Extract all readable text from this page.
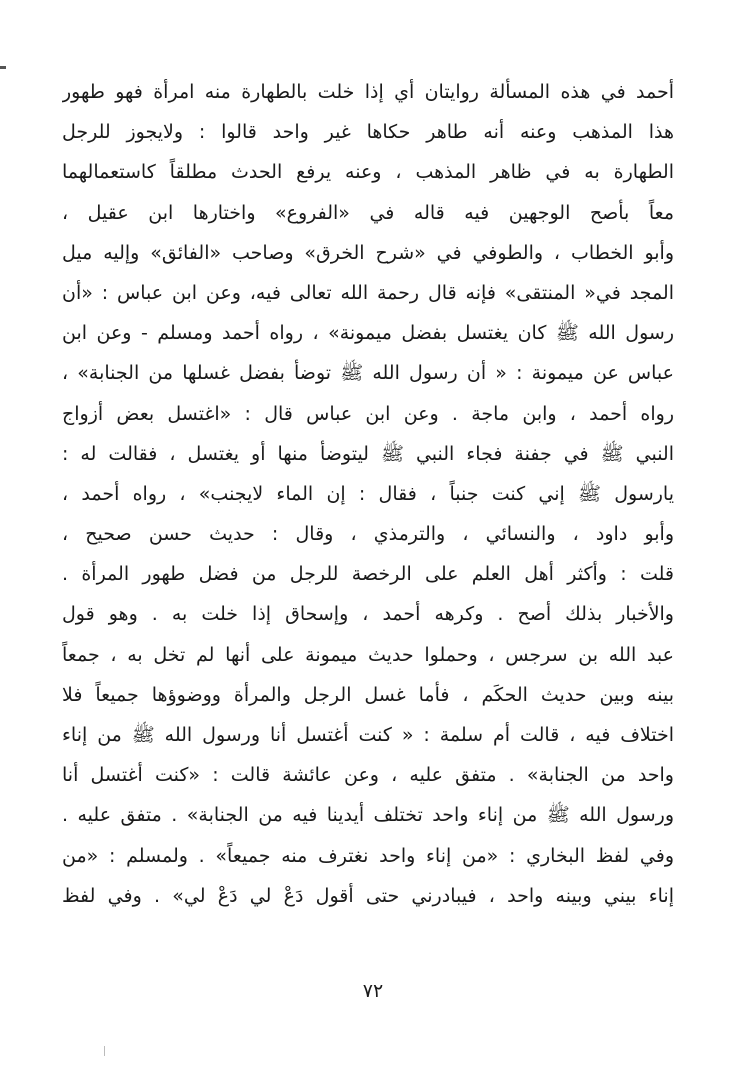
أحمد في هذه المسألة روايتان أي إذا خلت بالطهارة منه امرأة فهو طهور
هذا المذهب وعنه أنه طاهر حكاها غير واحد قالوا : ولايجوز للرجل
الطهارة به في ظاهر المذهب ، وعنه يرفع الحدث مطلقاً كاستعمالهما
معاً بأصح الوجهين فيه قاله في «الفروع» واختارها ابن عقيل ،
وأبو الخطاب ، والطوفي في «شرح الخرق» وصاحب «الفائق» وإليه ميل
المجد في« المنتقى» فإنه قال رحمة الله تعالى فيه، وعن ابن عباس : «أن
رسول الله ﷺ كان يغتسل بفضل ميمونة» ، رواه أحمد ومسلم - وعن ابن
عباس عن ميمونة : « أن رسول الله ﷺ توضأ بفضل غسلها من الجنابة» ،
رواه أحمد ، وابن ماجة . وعن ابن عباس قال : «اغتسل بعض أزواج
النبي ﷺ في جفنة فجاء النبي ﷺ ليتوضأ منها أو يغتسل ، فقالت له :
يارسول ﷺ إني كنت جنباً ، فقال : إن الماء لايجنب» ، رواه أحمد ،
وأبو داود ، والنسائي ، والترمذي ، وقال : حديث حسن صحيح ،
قلت : وأكثر أهل العلم على الرخصة للرجل من فضل طهور المرأة .
والأخبار بذلك أصح . وكرهه أحمد ، وإسحاق إذا خلت به . وهو قول
عبد الله بن سرجس ، وحملوا حديث ميمونة على أنها لم تخل به ، جمعاً
بينه وبين حديث الحكَم ، فأما غسل الرجل والمرأة ووضوؤها جميعاً فلا
اختلاف فيه ، قالت أم سلمة : « كنت أغتسل أنا ورسول الله ﷺ من إناء
واحد من الجنابة» . متفق عليه ، وعن عائشة قالت : «كنت أغتسل أنا
ورسول الله ﷺ من إناء واحد تختلف أيدينا فيه من الجنابة» . متفق عليه .
وفي لفظ البخاري : «من إناء واحد نغترف منه جميعاً» . ولمسلم : «من
إناء بيني وبينه واحد ، فيبادرني حتى أقول دَعْ لي دَعْ لي» . وفي لفظ
٧٢
